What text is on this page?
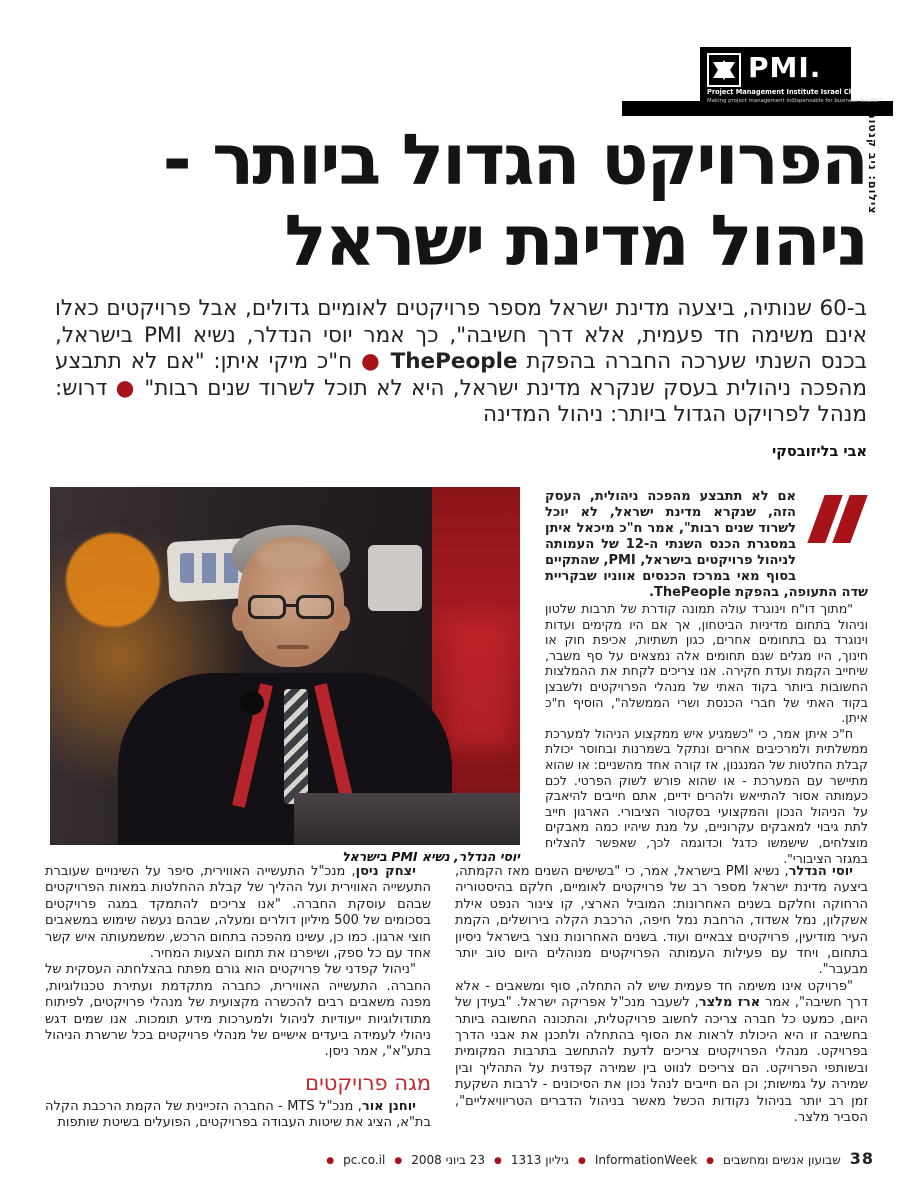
PMI.
Project Management Institute Israel Chapter
Making project management indispensable for business results™
צילום: ניב קנטור
הפרויקט הגדול ביותר -
ניהול מדינת ישראל
ב-60 שנותיה, ביצעה מדינת ישראל מספר פרויקטים לאומיים גדולים, אבל פרויקטים כאלו אינם משימה חד פעמית, אלא דרך חשיבה", כך אמר יוסי הנדלר, נשיא PMI בישראל, בכנס השנתי שערכה החברה בהפקת ThePeople ● ח"כ מיקי איתן: "אם לא תתבצע מהפכה ניהולית בעסק שנקרא מדינת ישראל, היא לא תוכל לשרוד שנים רבות" ● דרוש: מנהל לפרויקט הגדול ביותר: ניהול המדינה
אבי בליזובסקי
יוסי הנדלר, נשיא PMI בישראל

אם לא תתבצע מהפכה ניהולית, העסק הזה, שנקרא מדינת ישראל, לא יוכל לשרוד שנים רבות", אמר ח"כ מיכאל איתן במסגרת הכנס השנתי ה-12 של העמותה לניהול פרויקטים בישראל, PMI, שהתקיים בסוף מאי במרכז הכנסים אווניו שבקריית שדה התעופה, בהפקת ThePeople.

"מתוך דו"ח וינוגרד עולה תמונה קודרת של תרבות שלטון וניהול בתחום מדיניות הביטחון, אך אם היו מקימים ועדות וינוגרד גם בתחומים אחרים, כגון תשתיות, אכיפת חוק או חינוך, היו מגלים שגם תחומים אלה נמצאים על סף משבר, שיחייב הקמת ועדת חקירה. אנו צריכים לקחת את ההמלצות החשובות ביותר בקוד האתי של מנהלי הפרויקטים ולשבצן בקוד האתי של חברי הכנסת ושרי הממשלה", הוסיף ח"כ איתן.

ח"כ איתן אמר, כי "כשמגיע איש ממקצוע הניהול למערכת ממשלתית ולמרכיבים אחרים ונתקל בשמרנות ובחוסר יכולת קבלת החלטות של המנגנון, אז קורה אחד מהשניים: או שהוא מתיישר עם המערכת - או שהוא פורש לשוק הפרטי. לכם כעמותה אסור להתייאש ולהרים ידיים, אתם חייבים להיאבק על הניהול הנכון והמקצועי בסקטור הציבורי. הארגון חייב לתת גיבוי למאבקים עקרוניים, על מנת שיהיו כמה מאבקים מוצלחים, שישמשו כדגל וכדוגמה לכך, שאפשר להצליח במגזר הציבורי".

יצחק ניסן, מנכ"ל התעשייה האווירית, סיפר על השינויים שעוברת התעשייה האווירית ועל ההליך של קבלת ההחלטות במאות הפרויקטים שבהם עוסקת החברה. "אנו צריכים להתמקד במגה פרויקטים בסכומים של 500 מיליון דולרים ומעלה, שבהם נעשה שימוש במשאבים חוצי ארגון. כמו כן, עשינו מהפכה בתחום הרכש, שמשמעותה איש קשר אחד עם כל ספק, ושיפרנו את תחום הצעות המחיר.

"ניהול קפדני של פרויקטים הוא גורם מפתח בהצלחתה העסקית של החברה. התעשייה האווירית, כחברה מתקדמת ועתירת טכנולוגיות, מפנה משאבים רבים להכשרה מקצועית של מנהלי פרויקטים, לפיתוח מתודולוגיות ייעודיות לניהול ולמערכות מידע תומכות. אנו שמים דגש ניהולי לעמידה ביעדים אישיים של מנהלי פרויקטים בכל שרשרת הניהול בתע"א", אמר ניסן.

מגה פרויקטים

יוחנן אור, מנכ"ל MTS - החברה הזכיינית של הקמת הרכבת הקלה בת"א, הציג את שיטות העבודה בפרויקטים, הפועלים בשיטת שותפות

יוסי הנדלר, נשיא PMI בישראל, אמר, כי "בשישים השנים מאז הקמתה, ביצעה מדינת ישראל מספר רב של פרויקטים לאומיים, חלקם בהיסטוריה הרחוקה וחלקם בשנים האחרונות: המוביל הארצי, קו צינור הנפט אילת אשקלון, נמל אשדוד, הרחבת נמל חיפה, הרכבת הקלה בירושלים, הקמת העיר מודיעין, פרויקטים צבאיים ועוד. בשנים האחרונות נוצר בישראל ניסיון בתחום, ויחד עם פעילות העמותה הפרויקטים מנוהלים היום טוב יותר מבעבר".

"פרויקט אינו משימה חד פעמית שיש לה התחלה, סוף ומשאבים - אלא דרך חשיבה", אמר ארז מלצר, לשעבר מנכ"ל אפריקה ישראל. "בעידן של היום, כמעט כל חברה צריכה לחשוב פרויקטלית, והתכונה החשובה ביותר בחשיבה זו היא היכולת לראות את הסוף בהתחלה ולתכנן את אבני הדרך בפרויקט. מנהלי הפרויקטים צריכים לדעת להתחשב בתרבות המקומית ובשותפי הפרויקט. הם צריכים לנווט בין שמירה קפדנית על התהליך ובין שמירה על גמישות; וכן הם חייבים לנהל נכון את הסיכונים - לרבות השקעת זמן רב יותר בניהול נקודות הכשל מאשר בניהול הדברים הטריוויאליים", הסביר מלצר.

38
שבועון אנשים ומחשבים
●
InformationWeek
●
גיליון 1313
●
23 ביוני 2008
●
pc.co.il
●
